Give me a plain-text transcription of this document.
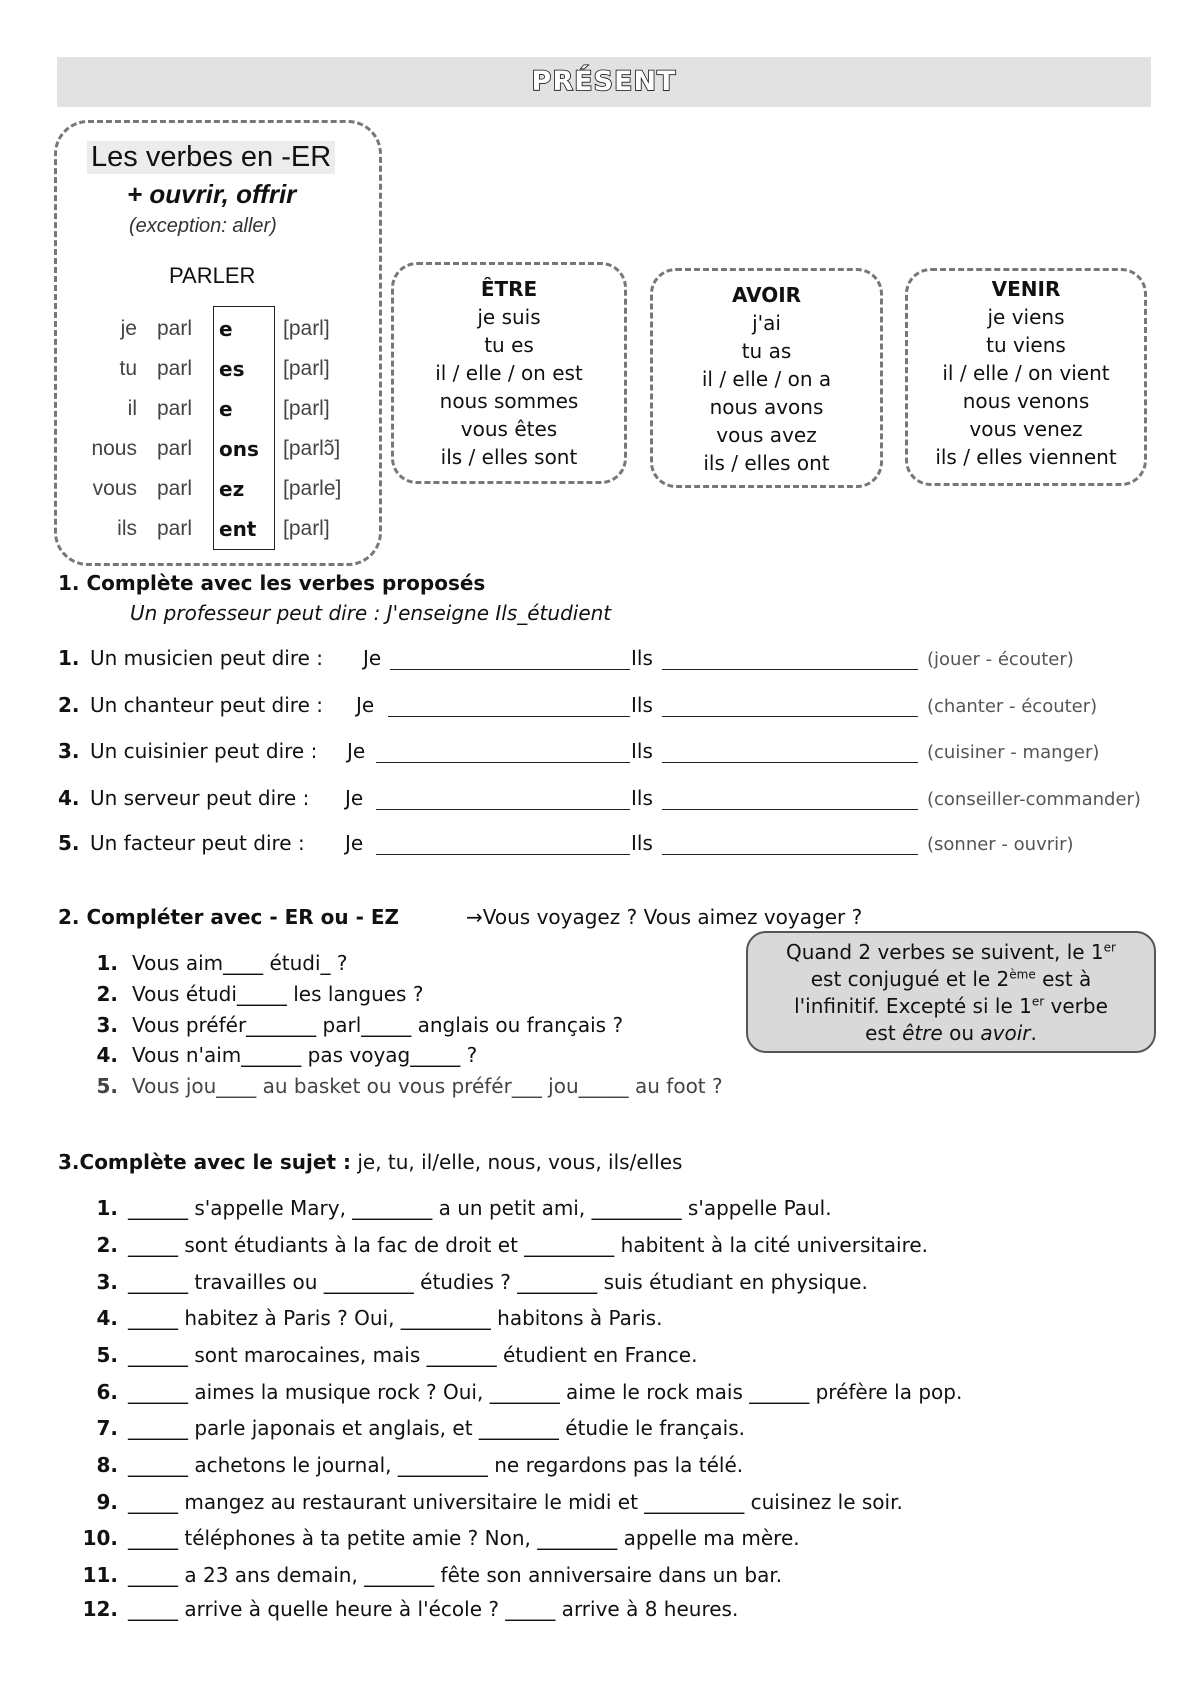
PRÉSENT
Les verbes en -ER
+ ouvrir, offrir
(exception: aller)
PARLER
je parl e [parl]
tu parl es [parl]
il parl e [parl]
nous parl ons [parlɔ̃]
vous parl ez [parle]
ils parl ent [parl]
ÊTRE
je suis
tu es
il / elle / on est
nous sommes
vous êtes
ils / elles sont
AVOIR
j'ai
tu as
il / elle / on a
nous avons
vous avez
ils / elles ont
VENIR
je viens
tu viens
il / elle / on vient
nous venons
vous venez
ils / elles viennent
1. Complète avec les verbes proposés
Un professeur peut dire : J'enseigne Ils_étudient
1. Un musicien peut dire : Je	Ils	(jouer - écouter)
2. Un chanteur peut dire : Je	Ils	(chanter - écouter)
3. Un cuisinier peut dire : Je	Ils	(cuisiner - manger)
4. Un serveur peut dire : Je	Ils	(conseiller-commander)
5. Un facteur peut dire : Je	Ils	(sonner - ouvrir)
2. Compléter avec - ER ou - EZ	→Vous voyagez ? Vous aimez voyager ?
1. Vous aim____ étudi_ ?
2. Vous étudi_____ les langues ?
3. Vous préfér_______ parl_____ anglais ou français ?
4. Vous n'aim______ pas voyag_____ ?
5. Vous jou____ au basket ou vous préfér___ jou_____ au foot ?
Quand 2 verbes se suivent, le 1er
est conjugué et le 2ème est à
l'infinitif. Excepté si le 1er verbe
est être ou avoir.
3.Complète avec le sujet : je, tu, il/elle, nous, vous, ils/elles
1. ______ s'appelle Mary, ________ a un petit ami, _________ s'appelle Paul.
2. _____ sont étudiants à la fac de droit et _________ habitent à la cité universitaire.
3. ______ travailles ou _________ étudies ? ________ suis étudiant en physique.
4. _____ habitez à Paris ? Oui, _________ habitons à Paris.
5. ______ sont marocaines, mais _______ étudient en France.
6. ______ aimes la musique rock ? Oui, _______ aime le rock mais ______ préfère la pop.
7. ______ parle japonais et anglais, et ________ étudie le français.
8. ______ achetons le journal, _________ ne regardons pas la télé.
9. _____ mangez au restaurant universitaire le midi et __________ cuisinez le soir.
10. _____ téléphones à ta petite amie ? Non, ________ appelle ma mère.
11. _____ a 23 ans demain, _______ fête son anniversaire dans un bar.
12. _____ arrive à quelle heure à l'école ? _____ arrive à 8 heures.
